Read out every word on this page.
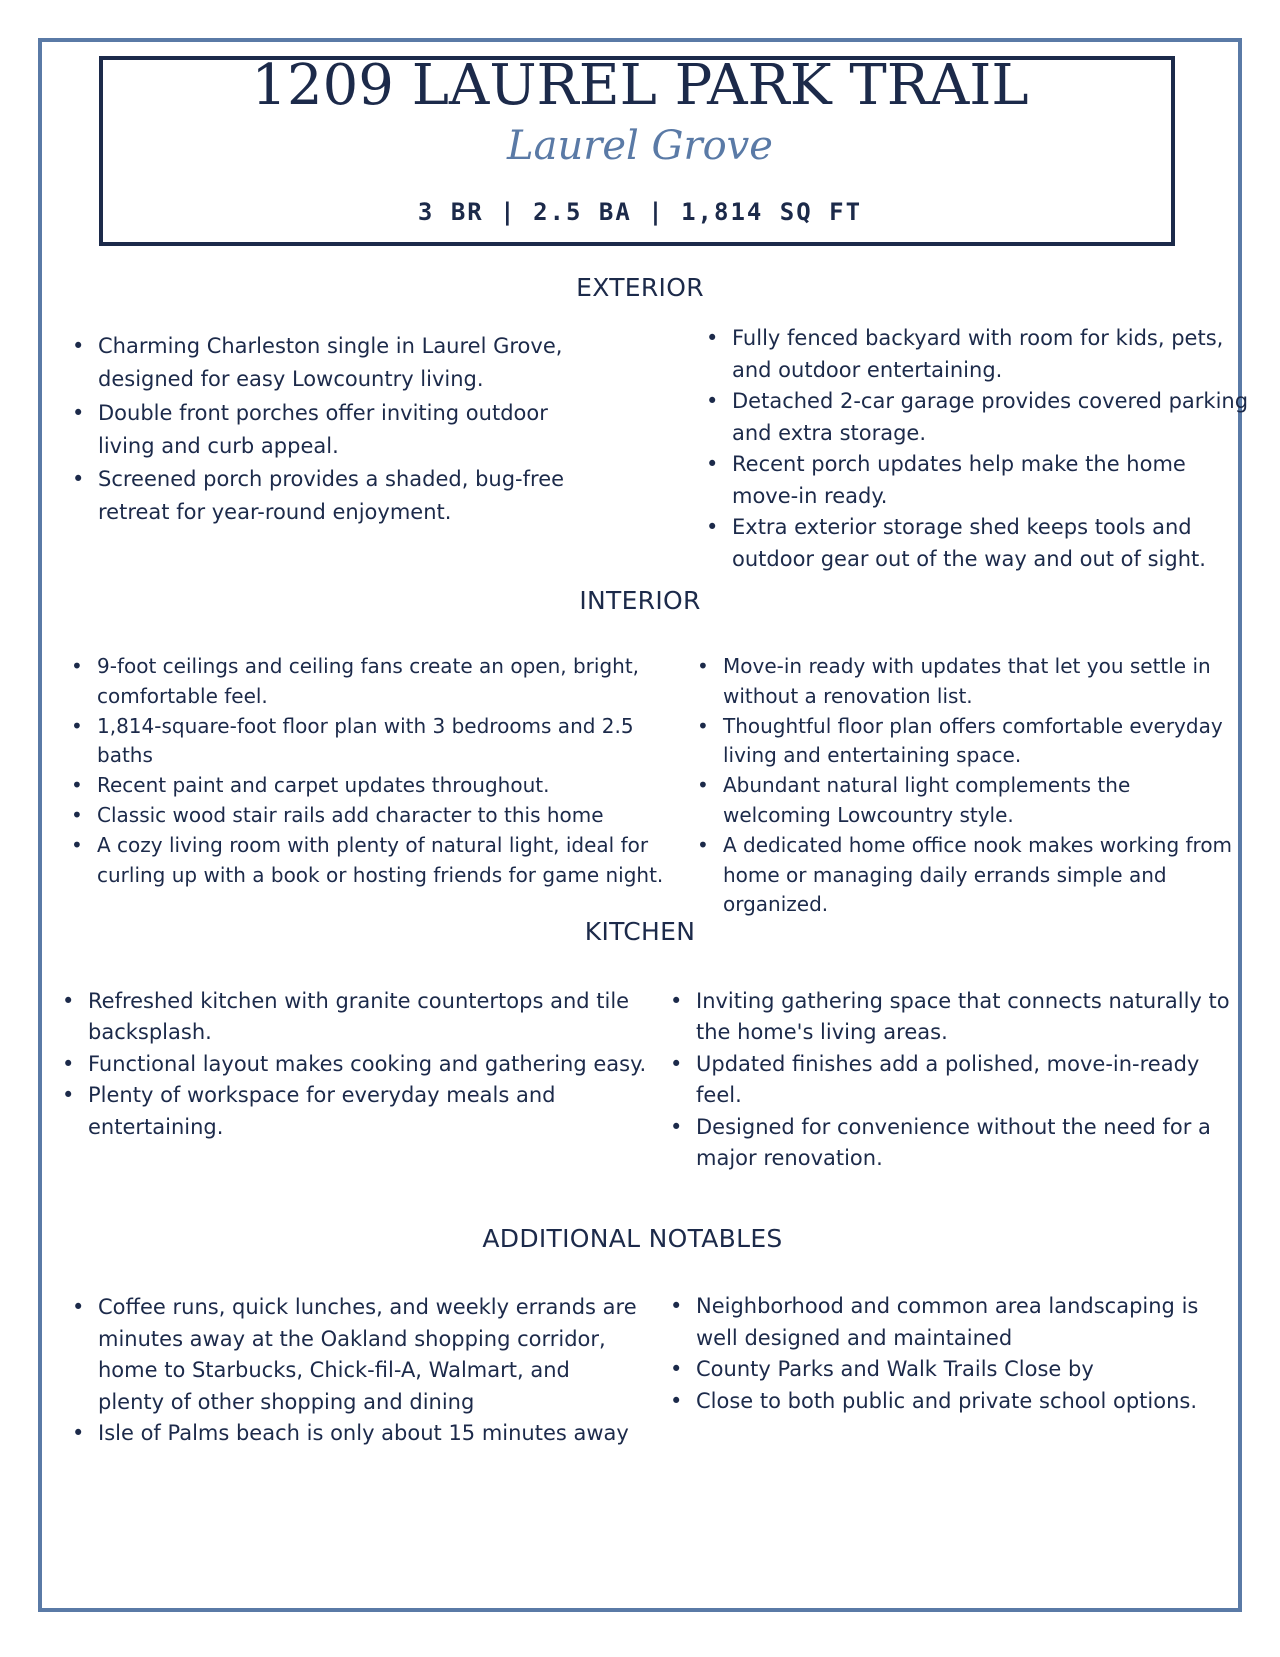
1209 LAUREL PARK TRAIL
Laurel Grove
3 BR | 2.5 BA | 1,814 SQ FT
EXTERIOR
• Charming Charleston single in Laurel Grove, designed for easy Lowcountry living.
• Double front porches offer inviting outdoor living and curb appeal.
• Screened porch provides a shaded, bug-free retreat for year-round enjoyment.
• Fully fenced backyard with room for kids, pets, and outdoor entertaining.
• Detached 2-car garage provides covered parking and extra storage.
• Recent porch updates help make the home move-in ready.
• Extra exterior storage shed keeps tools and outdoor gear out of the way and out of sight.
INTERIOR
• 9-foot ceilings and ceiling fans create an open, bright, comfortable feel.
• 1,814-square-foot floor plan with 3 bedrooms and 2.5 baths
• Recent paint and carpet updates throughout.
• Classic wood stair rails add character to this home
• A cozy living room with plenty of natural light, ideal for curling up with a book or hosting friends for game night.
• Move-in ready with updates that let you settle in without a renovation list.
• Thoughtful floor plan offers comfortable everyday living and entertaining space.
• Abundant natural light complements the welcoming Lowcountry style.
• A dedicated home office nook makes working from home or managing daily errands simple and organized.
KITCHEN
• Refreshed kitchen with granite countertops and tile backsplash.
• Functional layout makes cooking and gathering easy.
• Plenty of workspace for everyday meals and entertaining.
• Inviting gathering space that connects naturally to the home's living areas.
• Updated finishes add a polished, move-in-ready feel.
• Designed for convenience without the need for a major renovation.
ADDITIONAL NOTABLES
• Coffee runs, quick lunches, and weekly errands are minutes away at the Oakland shopping corridor, home to Starbucks, Chick-fil-A, Walmart, and plenty of other shopping and dining
• Isle of Palms beach is only about 15 minutes away
• Neighborhood and common area landscaping is well designed and maintained
• County Parks and Walk Trails Close by
• Close to both public and private school options.
